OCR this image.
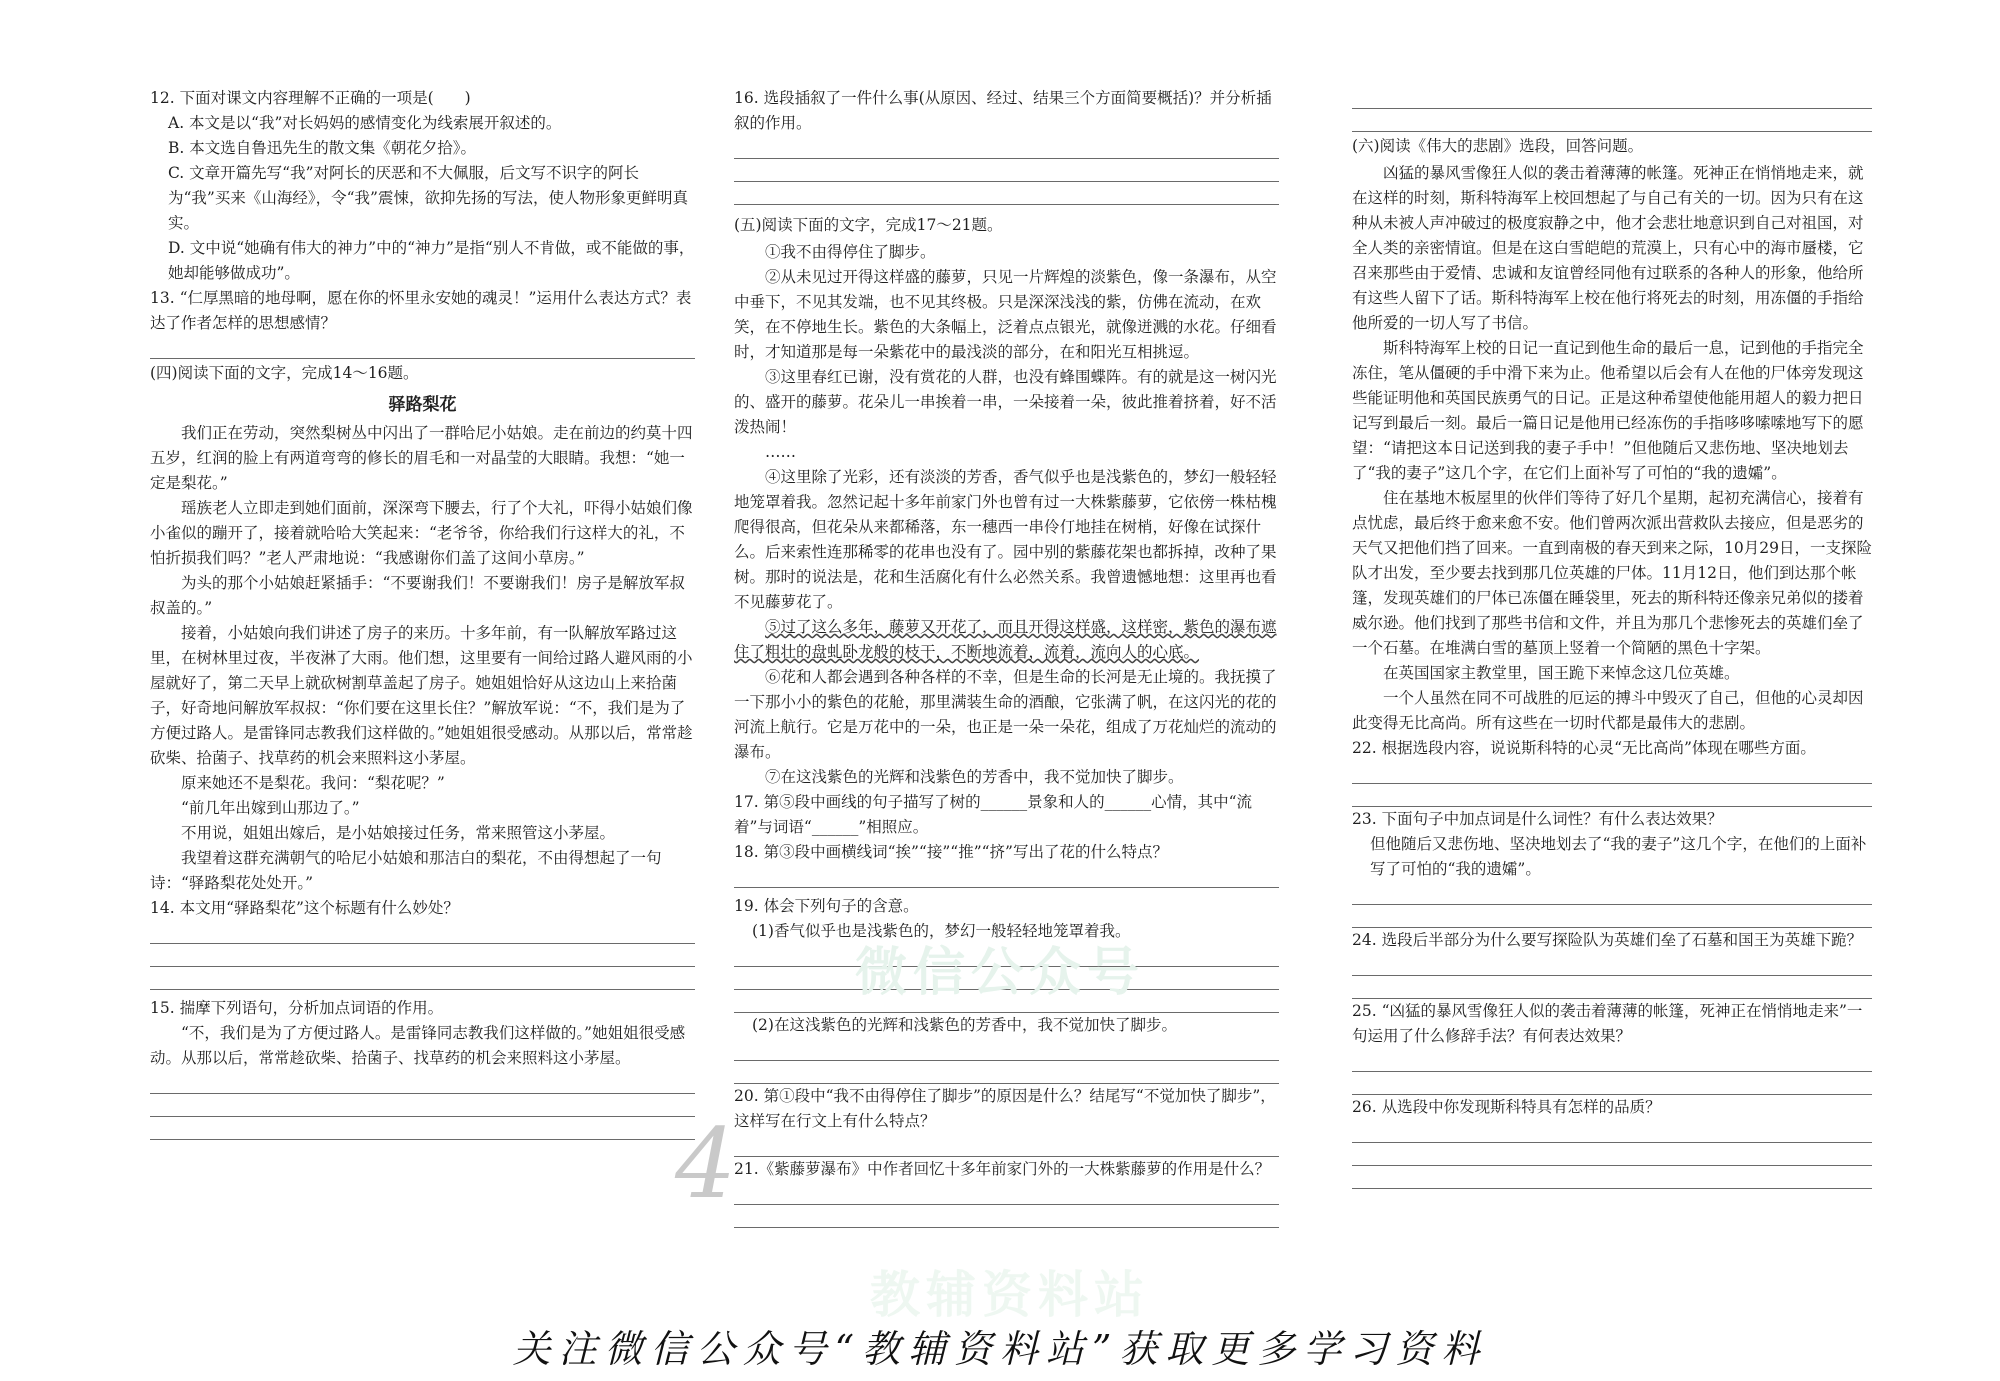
12. 下面对课文内容理解不正确的一项是(　　)

A. 本文是以“我”对长妈妈的感情变化为线索展开叙述的。

B. 本文选自鲁迅先生的散文集《朝花夕拾》。

C. 文章开篇先写“我”对阿长的厌恶和不大佩服，后文写不识字的阿长为“我”买来《山海经》，令“我”震悚，欲抑先扬的写法，使人物形象更鲜明真实。

D. 文中说“她确有伟大的神力”中的“神力”是指“别人不肯做，或不能做的事，她却能够做成功”。

13. “仁厚黑暗的地母啊，愿在你的怀里永安她的魂灵！”运用什么表达方式？表达了作者怎样的思想感情？

(四)阅读下面的文字，完成14～16题。

驿路梨花

我们正在劳动，突然梨树丛中闪出了一群哈尼小姑娘。走在前边的约莫十四五岁，红润的脸上有两道弯弯的修长的眉毛和一对晶莹的大眼睛。我想：“她一定是梨花。”

瑶族老人立即走到她们面前，深深弯下腰去，行了个大礼，吓得小姑娘们像小雀似的蹦开了，接着就哈哈大笑起来：“老爷爷，你给我们行这样大的礼，不怕折损我们吗？”老人严肃地说：“我感谢你们盖了这间小草房。”

为头的那个小姑娘赶紧插手：“不要谢我们！不要谢我们！房子是解放军叔叔盖的。”

接着，小姑娘向我们讲述了房子的来历。十多年前，有一队解放军路过这里，在树林里过夜，半夜淋了大雨。他们想，这里要有一间给过路人避风雨的小屋就好了，第二天早上就砍树割草盖起了房子。她姐姐恰好从这边山上来拾菌子，好奇地问解放军叔叔：“你们要在这里长住？”解放军说：“不，我们是为了方便过路人。是雷锋同志教我们这样做的。”她姐姐很受感动。从那以后，常常趁砍柴、拾菌子、找草药的机会来照料这小茅屋。

原来她还不是梨花。我问：“梨花呢？”

“前几年出嫁到山那边了。”

不用说，姐姐出嫁后，是小姑娘接过任务，常来照管这小茅屋。

我望着这群充满朝气的哈尼小姑娘和那洁白的梨花，不由得想起了一句诗：“驿路梨花处处开。”

14. 本文用“驿路梨花”这个标题有什么妙处？

15. 揣摩下列语句，分析加点词语的作用。

“不，我们是为了方便过路人。是雷锋同志教我们这样做的。”她姐姐很受感动。从那以后，常常趁砍柴、拾菌子、找草药的机会来照料这小茅屋。

16. 选段插叙了一件什么事(从原因、经过、结果三个方面简要概括)？并分析插叙的作用。

(五)阅读下面的文字，完成17～21题。

①我不由得停住了脚步。

②从未见过开得这样盛的藤萝，只见一片辉煌的淡紫色，像一条瀑布，从空中垂下，不见其发端，也不见其终极。只是深深浅浅的紫，仿佛在流动，在欢笑，在不停地生长。紫色的大条幅上，泛着点点银光，就像迸溅的水花。仔细看时，才知道那是每一朵紫花中的最浅淡的部分，在和阳光互相挑逗。

③这里春红已谢，没有赏花的人群，也没有蜂围蝶阵。有的就是这一树闪光的、盛开的藤萝。花朵儿一串挨着一串，一朵接着一朵，彼此推着挤着，好不活泼热闹！

……

④这里除了光彩，还有淡淡的芳香，香气似乎也是浅紫色的，梦幻一般轻轻地笼罩着我。忽然记起十多年前家门外也曾有过一大株紫藤萝，它依傍一株枯槐爬得很高，但花朵从来都稀落，东一穗西一串伶仃地挂在树梢，好像在试探什么。后来索性连那稀零的花串也没有了。园中别的紫藤花架也都拆掉，改种了果树。那时的说法是，花和生活腐化有什么必然关系。我曾遗憾地想：这里再也看不见藤萝花了。

⑤过了这么多年，藤萝又开花了，而且开得这样盛，这样密，紫色的瀑布遮住了粗壮的盘虬卧龙般的枝干，不断地流着，流着，流向人的心底。

⑥花和人都会遇到各种各样的不幸，但是生命的长河是无止境的。我抚摸了一下那小小的紫色的花舱，那里满装生命的酒酿，它张满了帆，在这闪光的花的河流上航行。它是万花中的一朵，也正是一朵一朵花，组成了万花灿烂的流动的瀑布。

⑦在这浅紫色的光辉和浅紫色的芳香中，我不觉加快了脚步。

17. 第⑤段中画线的句子描写了树的______景象和人的______心情，其中“流着”与词语“______”相照应。

18. 第③段中画横线词“挨”“接”“推”“挤”写出了花的什么特点？

19. 体会下列句子的含意。

(1)香气似乎也是浅紫色的，梦幻一般轻轻地笼罩着我。

(2)在这浅紫色的光辉和浅紫色的芳香中，我不觉加快了脚步。

20. 第①段中“我不由得停住了脚步”的原因是什么？结尾写“不觉加快了脚步”，这样写在行文上有什么特点？

21.《紫藤萝瀑布》中作者回忆十多年前家门外的一大株紫藤萝的作用是什么？

(六)阅读《伟大的悲剧》选段，回答问题。

凶猛的暴风雪像狂人似的袭击着薄薄的帐篷。死神正在悄悄地走来，就在这样的时刻，斯科特海军上校回想起了与自己有关的一切。因为只有在这种从未被人声冲破过的极度寂静之中，他才会悲壮地意识到自己对祖国，对全人类的亲密情谊。但是在这白雪皑皑的荒漠上，只有心中的海市蜃楼，它召来那些由于爱情、忠诚和友谊曾经同他有过联系的各种人的形象，他给所有这些人留下了话。斯科特海军上校在他行将死去的时刻，用冻僵的手指给他所爱的一切人写了书信。

斯科特海军上校的日记一直记到他生命的最后一息，记到他的手指完全冻住，笔从僵硬的手中滑下来为止。他希望以后会有人在他的尸体旁发现这些能证明他和英国民族勇气的日记。正是这种希望使他能用超人的毅力把日记写到最后一刻。最后一篇日记是他用已经冻伤的手指哆哆嗦嗦地写下的愿望：“请把这本日记送到我的妻子手中！”但他随后又悲伤地、坚决地划去了“我的妻子”这几个字，在它们上面补写了可怕的“我的遗孀”。

住在基地木板屋里的伙伴们等待了好几个星期，起初充满信心，接着有点忧虑，最后终于愈来愈不安。他们曾两次派出营救队去接应，但是恶劣的天气又把他们挡了回来。一直到南极的春天到来之际，10月29日，一支探险队才出发，至少要去找到那几位英雄的尸体。11月12日，他们到达那个帐篷，发现英雄们的尸体已冻僵在睡袋里，死去的斯科特还像亲兄弟似的搂着威尔逊。他们找到了那些书信和文件，并且为那几个悲惨死去的英雄们垒了一个石墓。在堆满白雪的墓顶上竖着一个简陋的黑色十字架。

在英国国家主教堂里，国王跪下来悼念这几位英雄。

一个人虽然在同不可战胜的厄运的搏斗中毁灭了自己，但他的心灵却因此变得无比高尚。所有这些在一切时代都是最伟大的悲剧。

22. 根据选段内容，说说斯科特的心灵“无比高尚”体现在哪些方面。

23. 下面句子中加点词是什么词性？有什么表达效果？

但他随后又悲伤地、坚决地划去了“我的妻子”这几个字，在他们的上面补写了可怕的“我的遗孀”。

24. 选段后半部分为什么要写探险队为英雄们垒了石墓和国王为英雄下跪？

25. “凶猛的暴风雪像狂人似的袭击着薄薄的帐篷，死神正在悄悄地走来”一句运用了什么修辞手法？有何表达效果？

26. 从选段中你发现斯科特具有怎样的品质？

微信公众号
教辅资料站
4
关注微信公众号“教辅资料站”获取更多学习资料
